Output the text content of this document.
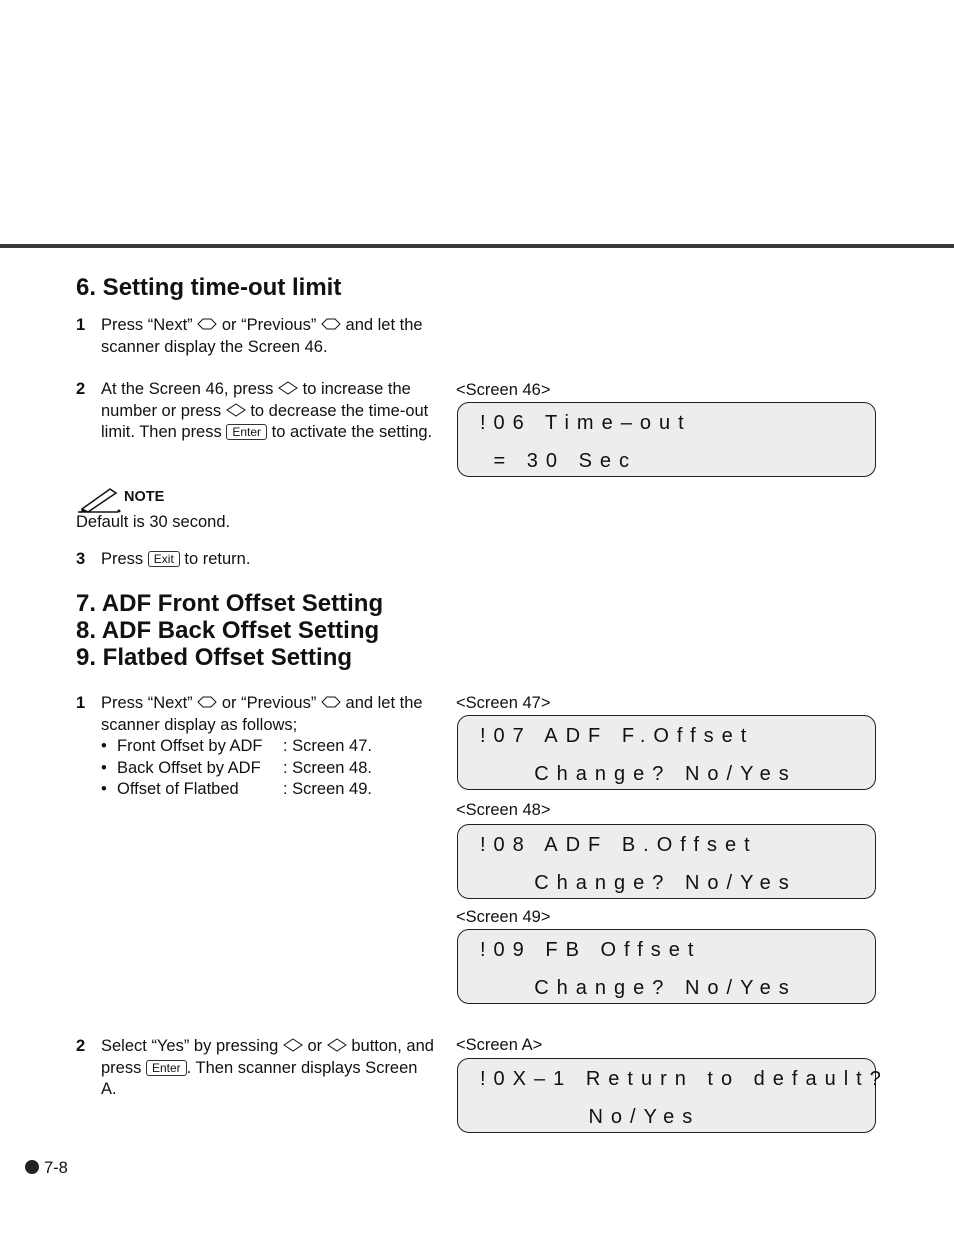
6. Setting time-out limit
1 Press “Next” or “Previous” and let the scanner display the Screen 46.
2 At the Screen 46, press to increase the number or press to decrease the time-out limit. Then press Enter to activate the setting.
NOTE
Default is 30 second.
3 Press Exit to return.
7. ADF Front Offset Setting
8. ADF Back Offset Setting
9. Flatbed Offset Setting
1 Press “Next” or “Previous” and let the scanner display as follows;
• Front Offset by ADF : Screen 47.
• Back Offset by ADF : Screen 48.
• Offset of Flatbed	: Screen 49.
2 Select “Yes” by pressing or button, and press Enter . Then scanner displays Screen A.
<Screen 46>
!06 Time–out
= 30 Sec
<Screen 47>
!07 ADF F.Offset
Change? No/Yes
<Screen 48>
!08 ADF B.Offset
Change? No/Yes
<Screen 49>
!09 FB Offset
Change? No/Yes
<Screen A>
!0X–1 Return to default?
No/Yes
7-8
